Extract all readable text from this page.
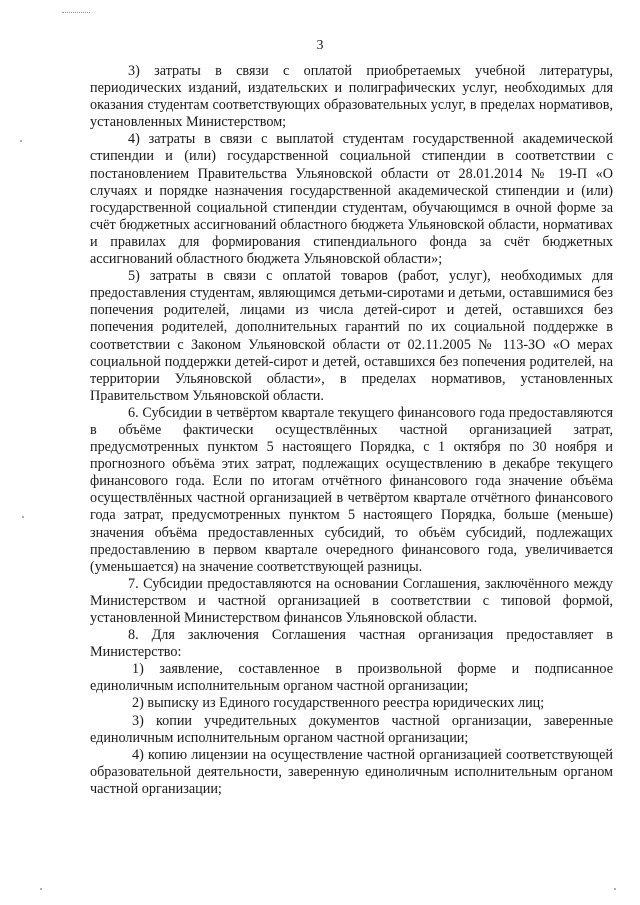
3

3) затраты в связи с оплатой приобретаемых учебной литературы, периодических изданий, издательских и полиграфических услуг, необходимых для оказания студентам соответствующих образовательных услуг, в пределах нормативов, установленных Министерством;

4) затраты в связи с выплатой студентам государственной академической стипендии и (или) государственной социальной стипендии в соответствии с постановлением Правительства Ульяновской области от 28.01.2014 № 19-П «О случаях и порядке назначения государственной академической стипендии и (или) государственной социальной стипендии студентам, обучающимся в очной форме за счёт бюджетных ассигнований областного бюджета Ульяновской области, нормативах и правилах для формирования стипендиального фонда за счёт бюджетных ассигнований областного бюджета Ульяновской области»;

5) затраты в связи с оплатой товаров (работ, услуг), необходимых для предоставления студентам, являющимся детьми-сиротами и детьми, оставшимися без попечения родителей, лицами из числа детей-сирот и детей, оставшихся без попечения родителей, дополнительных гарантий по их социальной поддержке в соответствии с Законом Ульяновской области от 02.11.2005 № 113-ЗО «О мерах социальной поддержки детей-сирот и детей, оставшихся без попечения родителей, на территории Ульяновской области», в пределах нормативов, установленных Правительством Ульяновской области.

6. Субсидии в четвёртом квартале текущего финансового года предоставляются в объёме фактически осуществлённых частной организацией затрат, предусмотренных пунктом 5 настоящего Порядка, с 1 октября по 30 ноября и прогнозного объёма этих затрат, подлежащих осуществлению в декабре текущего финансового года. Если по итогам отчётного финансового года значение объёма осуществлённых частной организацией в четвёртом квартале отчётного финансового года затрат, предусмотренных пунктом 5 настоящего Порядка, больше (меньше) значения объёма предоставленных субсидий, то объём субсидий, подлежащих предоставлению в первом квартале очередного финансового года, увеличивается (уменьшается) на значение соответствующей разницы.

7. Субсидии предоставляются на основании Соглашения, заключённого между Министерством и частной организацией в соответствии с типовой формой, установленной Министерством финансов Ульяновской области.

8. Для заключения Соглашения частная организация предоставляет в Министерство:

1) заявление, составленное в произвольной форме и подписанное единоличным исполнительным органом частной организации;

2) выписку из Единого государственного реестра юридических лиц;

3) копии учредительных документов частной организации, заверенные единоличным исполнительным органом частной организации;

4) копию лицензии на осуществление частной организацией соответствующей образовательной деятельности, заверенную единоличным исполнительным органом частной организации;
